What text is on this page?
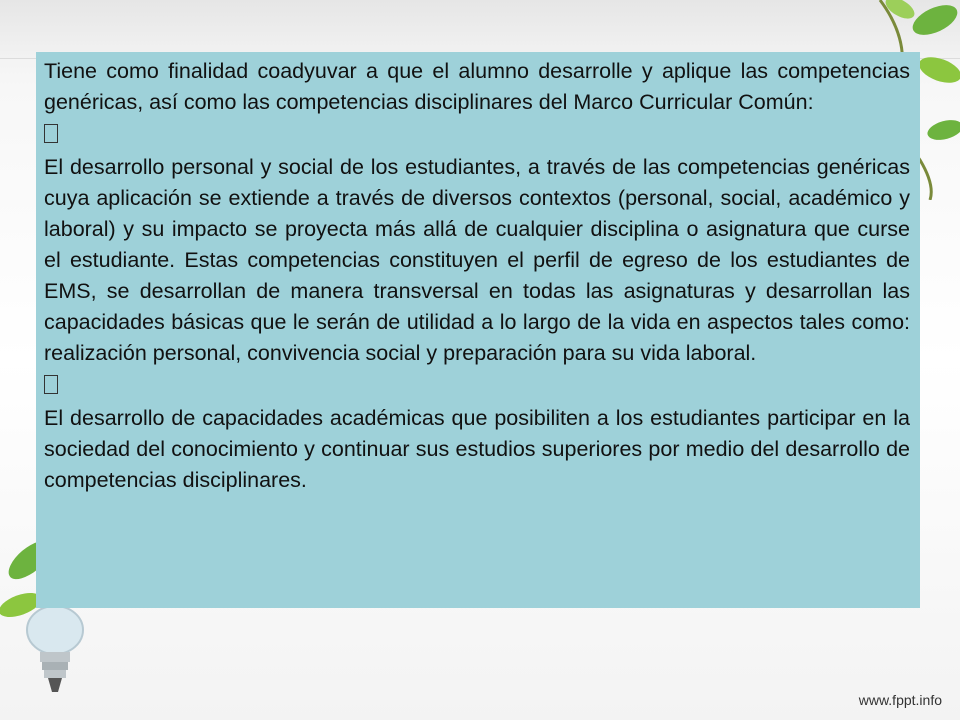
Tiene como finalidad coadyuvar a que el alumno desarrolle y aplique las competencias genéricas, así como las competencias disciplinares del Marco Curricular Común:

El desarrollo personal y social de los estudiantes, a través de las competencias genéricas cuya aplicación se extiende a través de diversos contextos (personal, social, académico y laboral) y su impacto se proyecta más allá de cualquier disciplina o asignatura que curse el estudiante. Estas competencias constituyen el perfil de egreso de los estudiantes de EMS, se desarrollan de manera transversal en todas las asignaturas y desarrollan las capacidades básicas que le serán de utilidad a lo largo de la vida en aspectos tales como: realización personal, convivencia social y preparación para su vida laboral.

El desarrollo de capacidades académicas que posibiliten a los estudiantes participar en la sociedad del conocimiento y continuar sus estudios superiores por medio del desarrollo de competencias disciplinares.

www.fppt.info
